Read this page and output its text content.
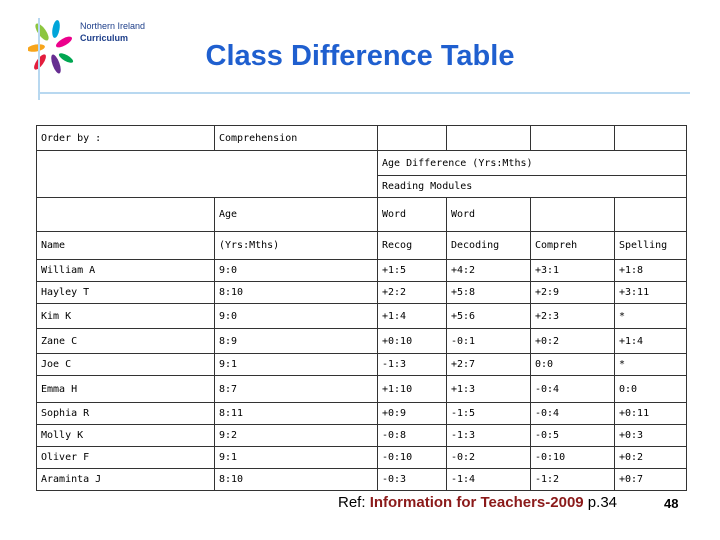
Northern Ireland
Curriculum
Class Difference Table
Order by :	Comprehension				
		Age Difference (Yrs:Mths)			
		Reading Modules			
	Age	Word	Word		
Name	(Yrs:Mths)	Recog	Decoding	Compreh	Spelling
William A	9:0	+1:5	+4:2	+3:1	+1:8
Hayley T	8:10	+2:2	+5:8	+2:9	+3:11
Kim K	9:0	+1:4	+5:6	+2:3	*
Zane C	8:9	+0:10	-0:1	+0:2	+1:4
Joe C	9:1	-1:3	+2:7	0:0	*
Emma H	8:7	+1:10	+1:3	-0:4	0:0
Sophia R	8:11	+0:9	-1:5	-0:4	+0:11
Molly K	9:2	-0:8	-1:3	-0:5	+0:3
Oliver F	9:1	-0:10	-0:2	-0:10	+0:2
Araminta J	8:10	-0:3	-1:4	-1:2	+0:7
Ref: Information for Teachers-2009 p.34	48
